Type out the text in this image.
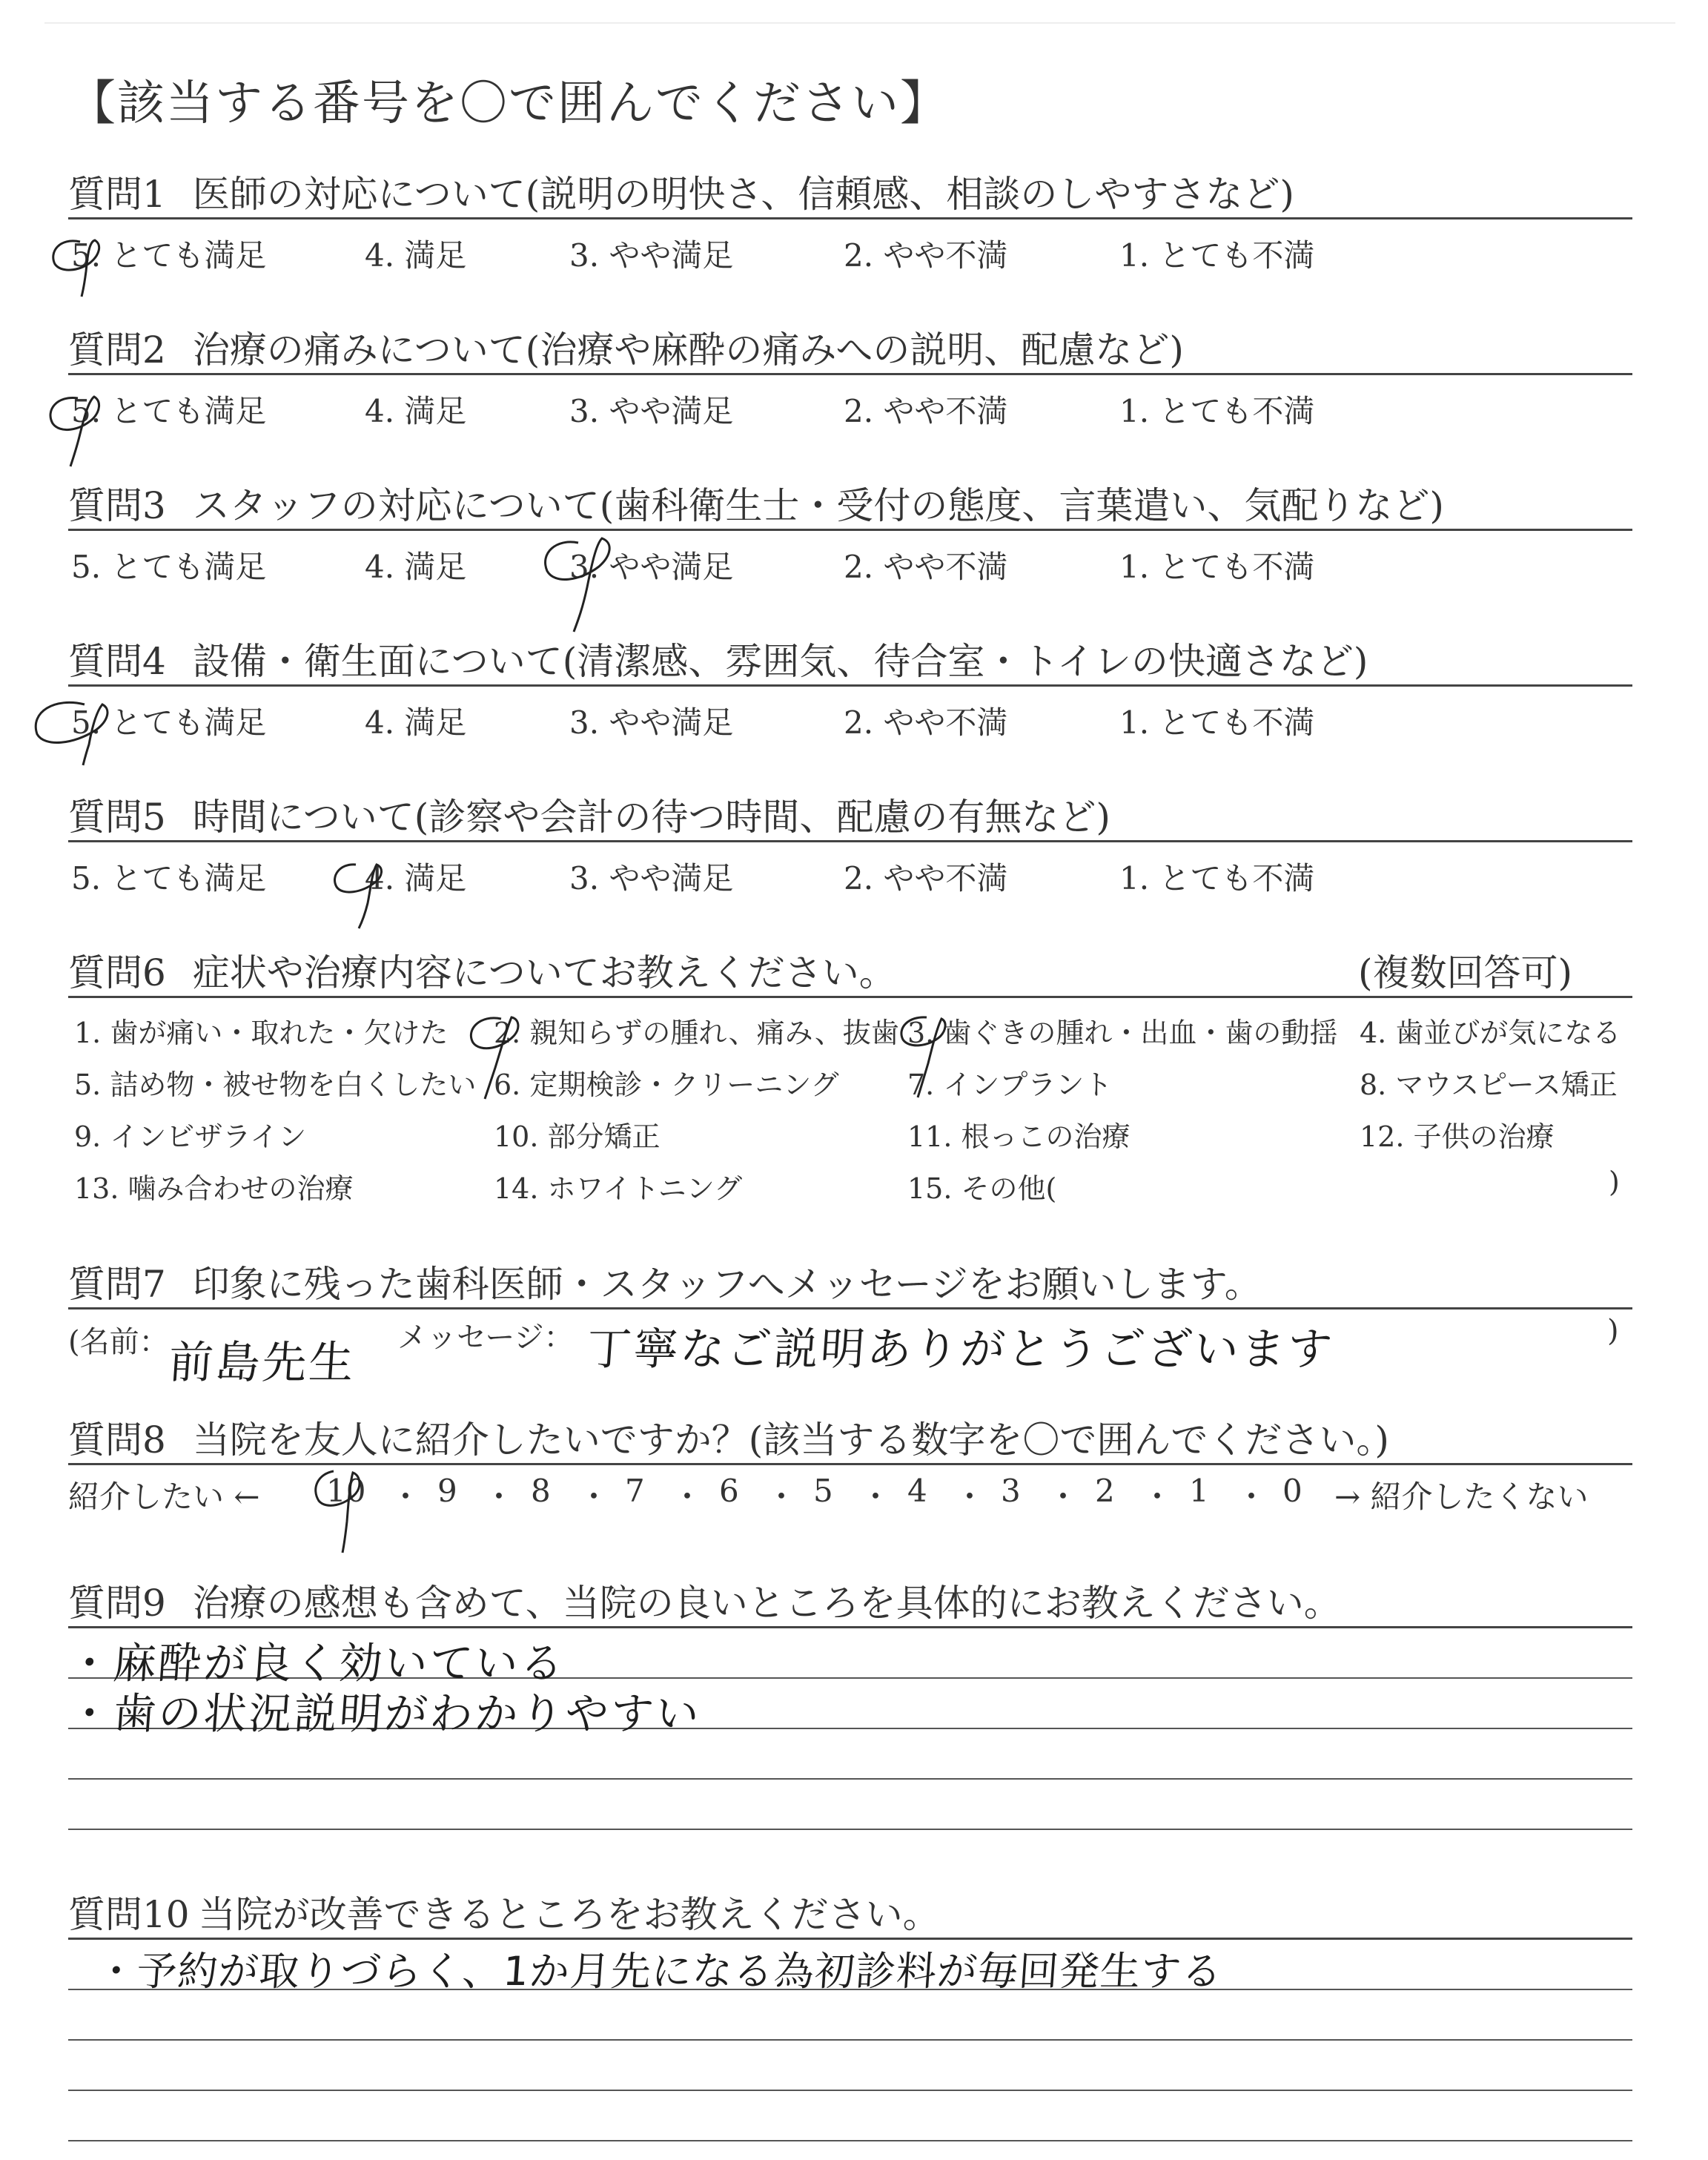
【該当する番号を〇で囲んでください】
質問1 医師の対応について(説明の明快さ、信頼感、相談のしやすさなど)
5. とても満足	4. 満足	3. やや満足	2. やや不満	1. とても不満
質問2 治療の痛みについて(治療や麻酔の痛みへの説明、配慮など)
5. とても満足	4. 満足	3. やや満足	2. やや不満	1. とても不満
質問3 スタッフの対応について(歯科衛生士・受付の態度、言葉遣い、気配りなど)
5. とても満足	4. 満足	3. やや満足	2. やや不満	1. とても不満
質問4 設備・衛生面について(清潔感、雰囲気、待合室・トイレの快適さなど)
5. とても満足	4. 満足	3. やや満足	2. やや不満	1. とても不満
質問5 時間について(診察や会計の待つ時間、配慮の有無など)
5. とても満足	4. 満足	3. やや満足	2. やや不満	1. とても不満
質問6 症状や治療内容についてお教えください。	(複数回答可)
1. 歯が痛い・取れた・欠けた 2. 親知らずの腫れ、痛み、抜歯 3. 歯ぐきの腫れ・出血・歯の動揺 4. 歯並びが気になる
5. 詰め物・被せ物を白くしたい 6. 定期検診・クリーニング 7. インプラント	8. マウスピース矯正
9. インビザライン	10. 部分矯正	11. 根っこの治療	12. 子供の治療
13. 噛み合わせの治療	14. ホワイトニング	15. その他(	)
質問7 印象に残った歯科医師・スタッフへメッセージをお願いします。
(名前：
前島先生 メッセージ： 丁寧なご説明ありがとうございます	)
質問8 当院を友人に紹介したいですか？(該当する数字を〇で囲んでください。)
紹介したい ← 10 ・ 9 ・ 8 ・ 7 ・ 6 ・ 5 ・ 4 ・ 3 ・ 2 ・ 1 ・ 0 → 紹介したくない
質問9 治療の感想も含めて、当院の良いところを具体的にお教えください。
・麻酔が良く効いている
・歯の状況説明がわかりやすい
質問10 当院が改善できるところをお教えください。
・予約が取りづらく、1か月先になる為初診料が毎回発生する
